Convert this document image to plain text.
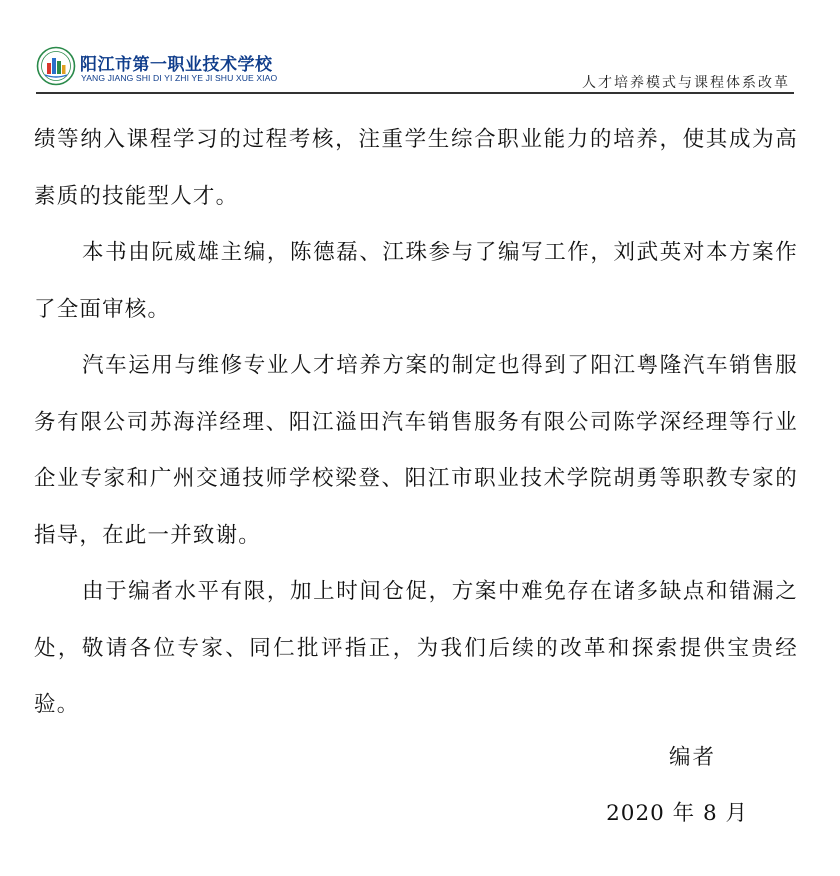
阳江市第一职业技术学校
YANG JIANG SHI DI YI ZHI YE JI SHU XUE XIAO	人才培养模式与课程体系改革

绩等纳入课程学习的过程考核，注重学生综合职业能力的培养，使其成为高素质的技能型人才。

本书由阮威雄主编，陈德磊、江珠参与了编写工作，刘武英对本方案作了全面审核。

汽车运用与维修专业人才培养方案的制定也得到了阳江粤隆汽车销售服务有限公司苏海洋经理、阳江溢田汽车销售服务有限公司陈学深经理等行业企业专家和广州交通技师学校梁登、阳江市职业技术学院胡勇等职教专家的指导，在此一并致谢。

由于编者水平有限，加上时间仓促，方案中难免存在诸多缺点和错漏之处，敬请各位专家、同仁批评指正，为我们后续的改革和探索提供宝贵经验。

编者
2020 年 8 月
